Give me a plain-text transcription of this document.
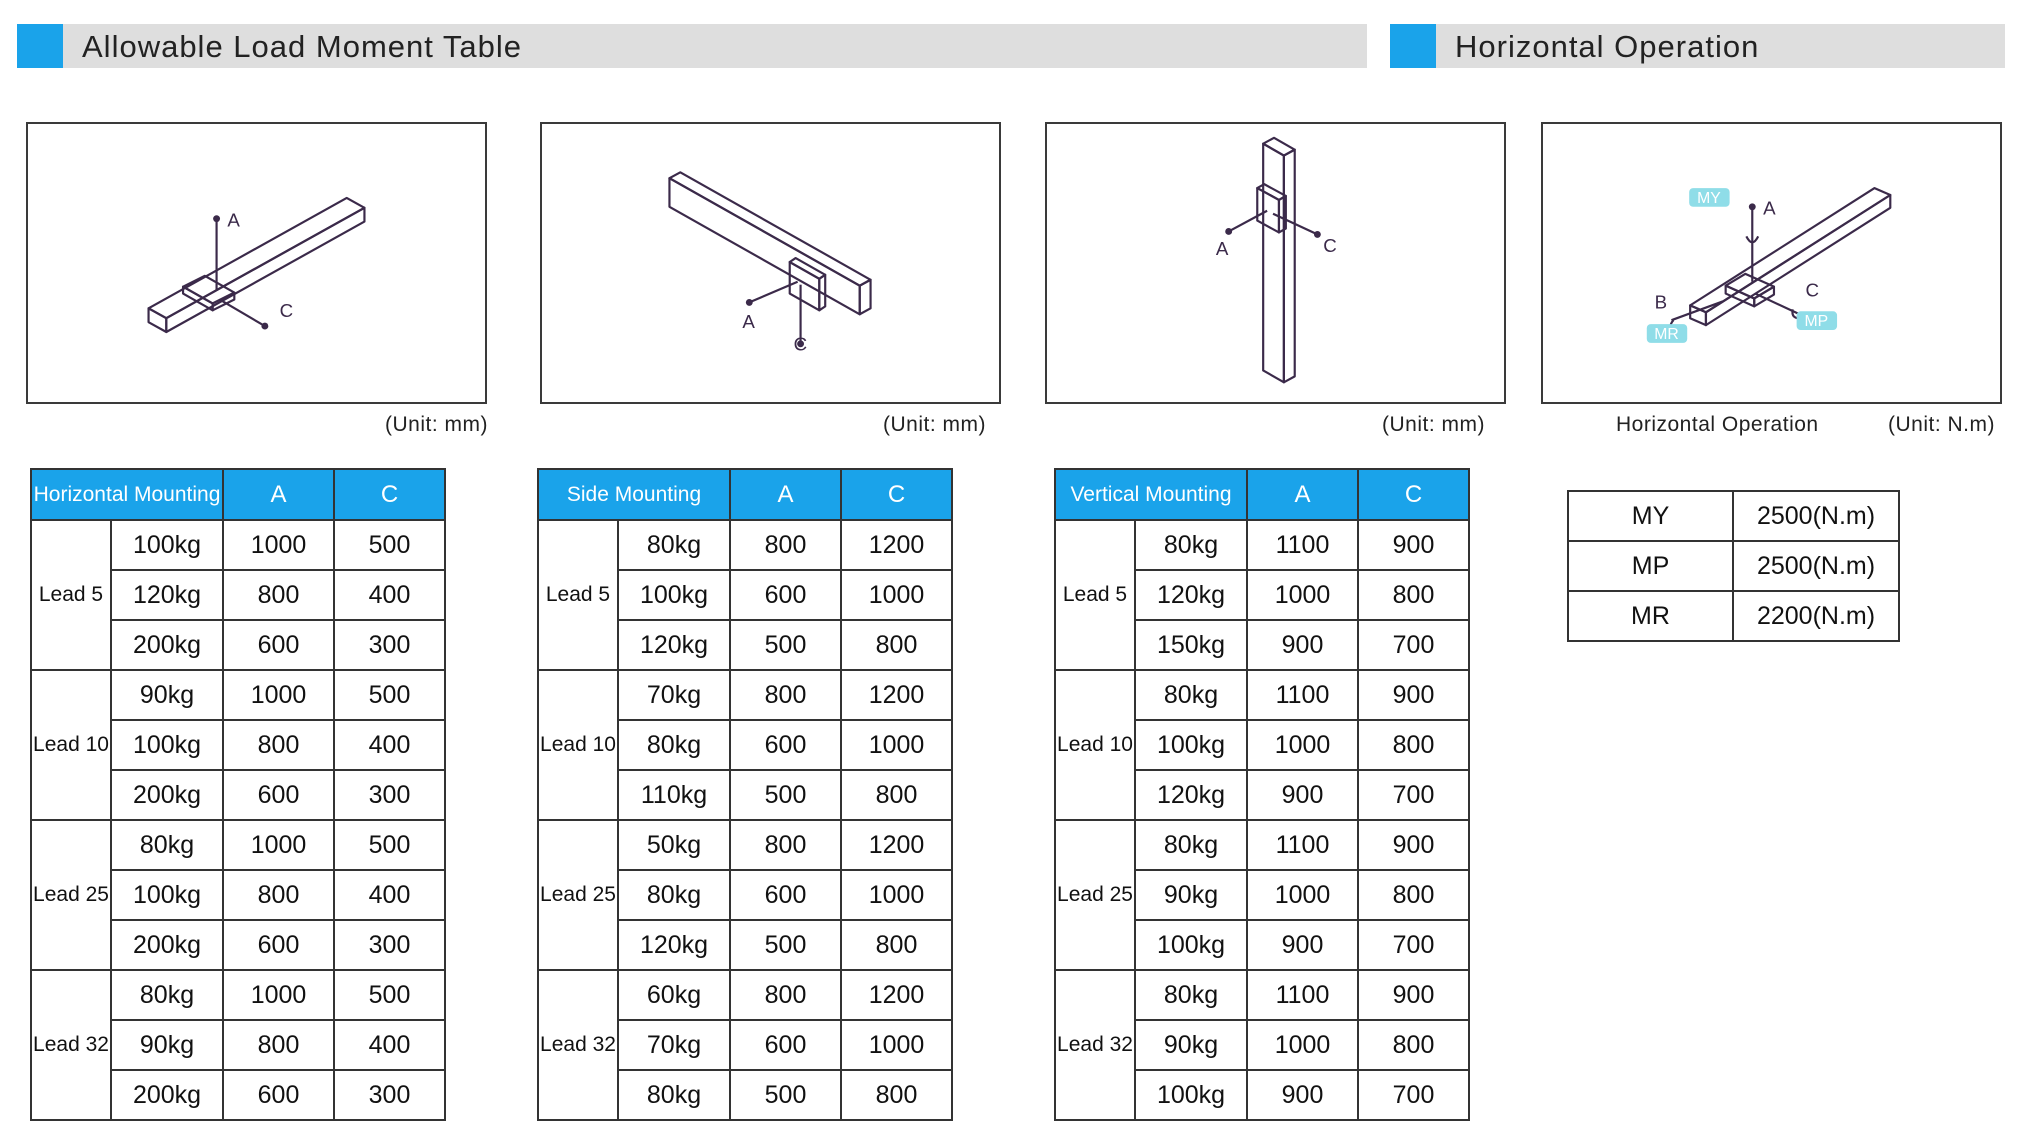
Allowable Load Moment Table	Horizontal Operation
A
C
(Unit: mm)
A
C
(Unit: mm)
A	C
(Unit: mm)
A
B
C
MY
MR
MP
Horizontal Operation	(Unit: N.m)
Horizontal Mounting		A	C
Lead 5	100kg	1000	500
	120kg	800	400
	200kg	600	300
Lead 10	90kg	1000	500
	100kg	800	400
	200kg	600	300
Lead 25	80kg	1000	500
	100kg	800	400
	200kg	600	300
Lead 32	80kg	1000	500
	90kg	800	400
	200kg	600	300
Side Mounting		A	C
Lead 5	80kg	800	1200
	100kg	600	1000
	120kg	500	800
Lead 10	70kg	800	1200
	80kg	600	1000
	110kg	500	800
Lead 25	50kg	800	1200
	80kg	600	1000
	120kg	500	800
Lead 32	60kg	800	1200
	70kg	600	1000
	80kg	500	800
Vertical Mounting		A	C
Lead 5	80kg	1100	900
	120kg	1000	800
	150kg	900	700
Lead 10	80kg	1100	900
	100kg	1000	800
	120kg	900	700
Lead 25	80kg	1100	900
	90kg	1000	800
	100kg	900	700
Lead 32	80kg	1100	900
	90kg	1000	800
	100kg	900	700
MY	2500(N.m)
MP	2500(N.m)
MR	2200(N.m)
